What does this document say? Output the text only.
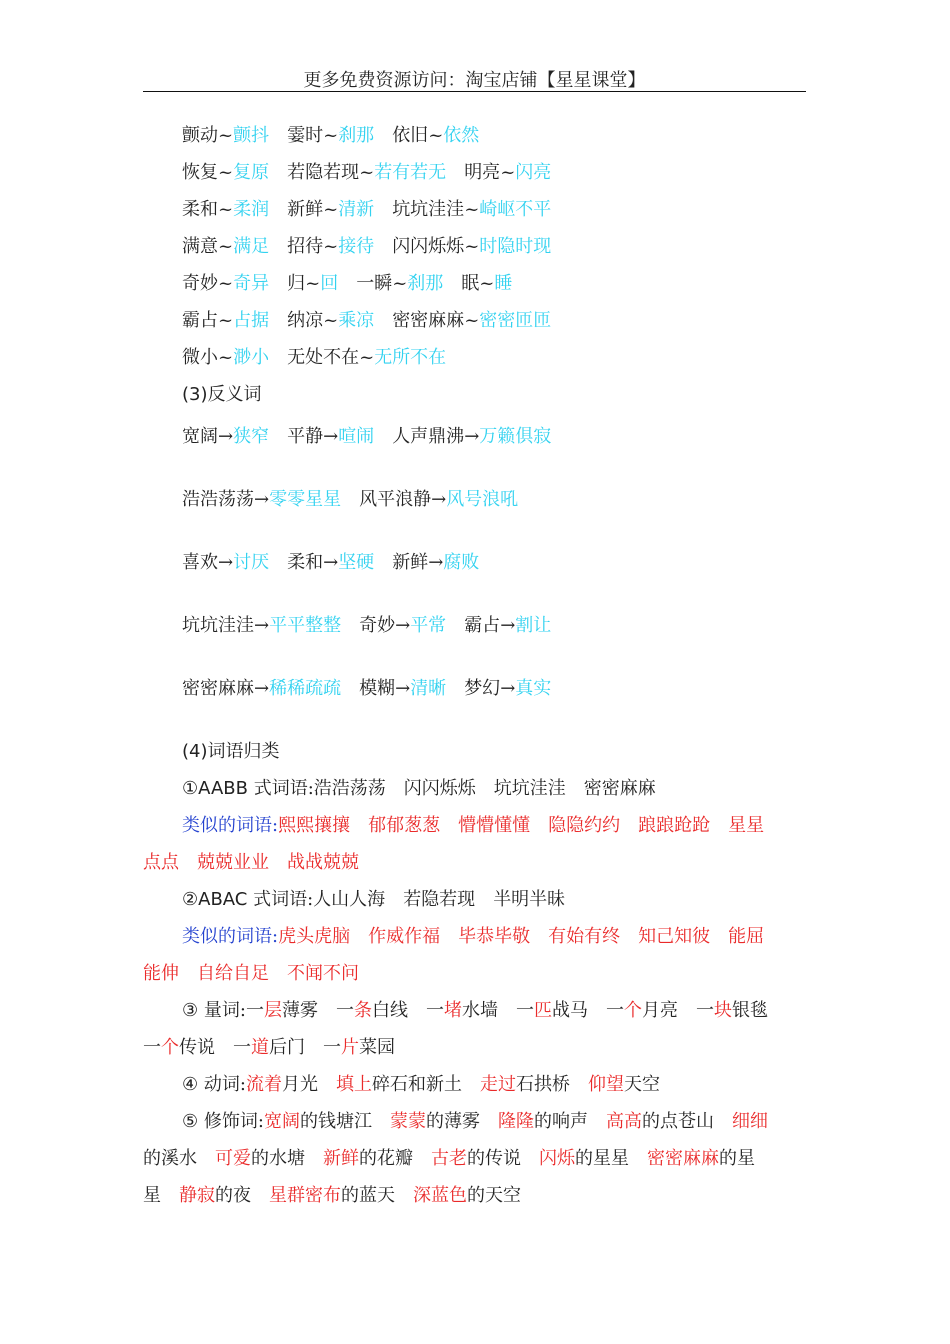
更多免费资源访问：淘宝店铺【星星课堂】
颤动~颤抖 霎时~刹那 依旧~依然
恢复~复原 若隐若现~若有若无 明亮~闪亮
柔和~柔润 新鲜~清新 坑坑洼洼~崎岖不平
满意~满足 招待~接待 闪闪烁烁~时隐时现
奇妙~奇异 归~回 一瞬~刹那 眠~睡
霸占~占据 纳凉~乘凉 密密麻麻~密密匝匝
微小~渺小 无处不在~无所不在
(3)反义词
宽阔→狭窄 平静→喧闹 人声鼎沸→万籁俱寂
浩浩荡荡→零零星星 风平浪静→风号浪吼
喜欢→讨厌 柔和→坚硬 新鲜→腐败
坑坑洼洼→平平整整 奇妙→平常 霸占→割让
密密麻麻→稀稀疏疏 模糊→清晰 梦幻→真实
(4)词语归类
①AABB 式词语:浩浩荡荡 闪闪烁烁 坑坑洼洼 密密麻麻
类似的词语:熙熙攘攘 郁郁葱葱 懵懵懂懂 隐隐约约 踉踉跄跄 星星
点点 兢兢业业 战战兢兢
②ABAC 式词语:人山人海 若隐若现 半明半昧
类似的词语:虎头虎脑 作威作福 毕恭毕敬 有始有终 知己知彼 能屈
能伸 自给自足 不闻不问
③ 量词:一层薄雾 一条白线 一堵水墙 一匹战马 一个月亮 一块银毯
一个传说 一道后门 一片菜园
④ 动词:流着月光 填上碎石和新土 走过石拱桥 仰望天空
⑤ 修饰词:宽阔的钱塘江 蒙蒙的薄雾 隆隆的响声 高高的点苍山 细细
的溪水 可爱的水塘 新鲜的花瓣 古老的传说 闪烁的星星 密密麻麻的星
星 静寂的夜 星群密布的蓝天 深蓝色的天空
